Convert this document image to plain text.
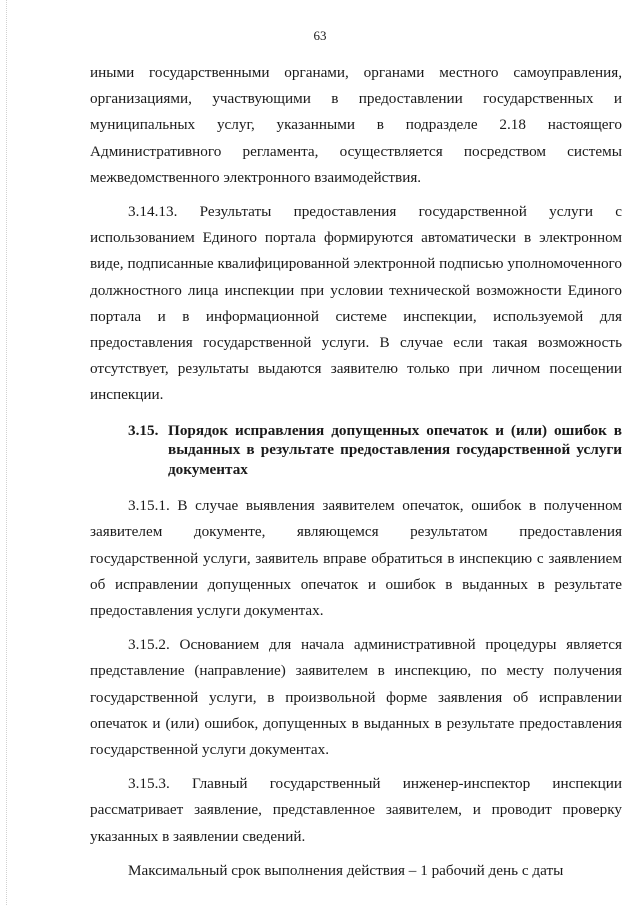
63

иными государственными органами, органами местного самоуправления, организациями, участвующими в предоставлении государственных и муниципальных услуг, указанными в подразделе 2.18 настоящего Административного регламента, осуществляется посредством системы межведомственного электронного взаимодействия.

3.14.13. Результаты предоставления государственной услуги с использованием Единого портала формируются автоматически в электронном виде, подписанные квалифицированной электронной подписью уполномоченного должностного лица инспекции при условии технической возможности Единого портала и в информационной системе инспекции, используемой для предоставления государственной услуги. В случае если такая возможность отсутствует, результаты выдаются заявителю только при личном посещении инспекции.

3.15. Порядок исправления допущенных опечаток и (или) ошибок в выданных в результате предоставления государственной услуги документах

3.15.1. В случае выявления заявителем опечаток, ошибок в полученном заявителем документе, являющемся результатом предоставления государственной услуги, заявитель вправе обратиться в инспекцию с заявлением об исправлении допущенных опечаток и ошибок в выданных в результате предоставления услуги документах.

3.15.2. Основанием для начала административной процедуры является представление (направление) заявителем в инспекцию, по месту получения государственной услуги, в произвольной форме заявления об исправлении опечаток и (или) ошибок, допущенных в выданных в результате предоставления государственной услуги документах.

3.15.3. Главный государственный инженер-инспектор инспекции рассматривает заявление, представленное заявителем, и проводит проверку указанных в заявлении сведений.

Максимальный срок выполнения действия – 1 рабочий день с даты
